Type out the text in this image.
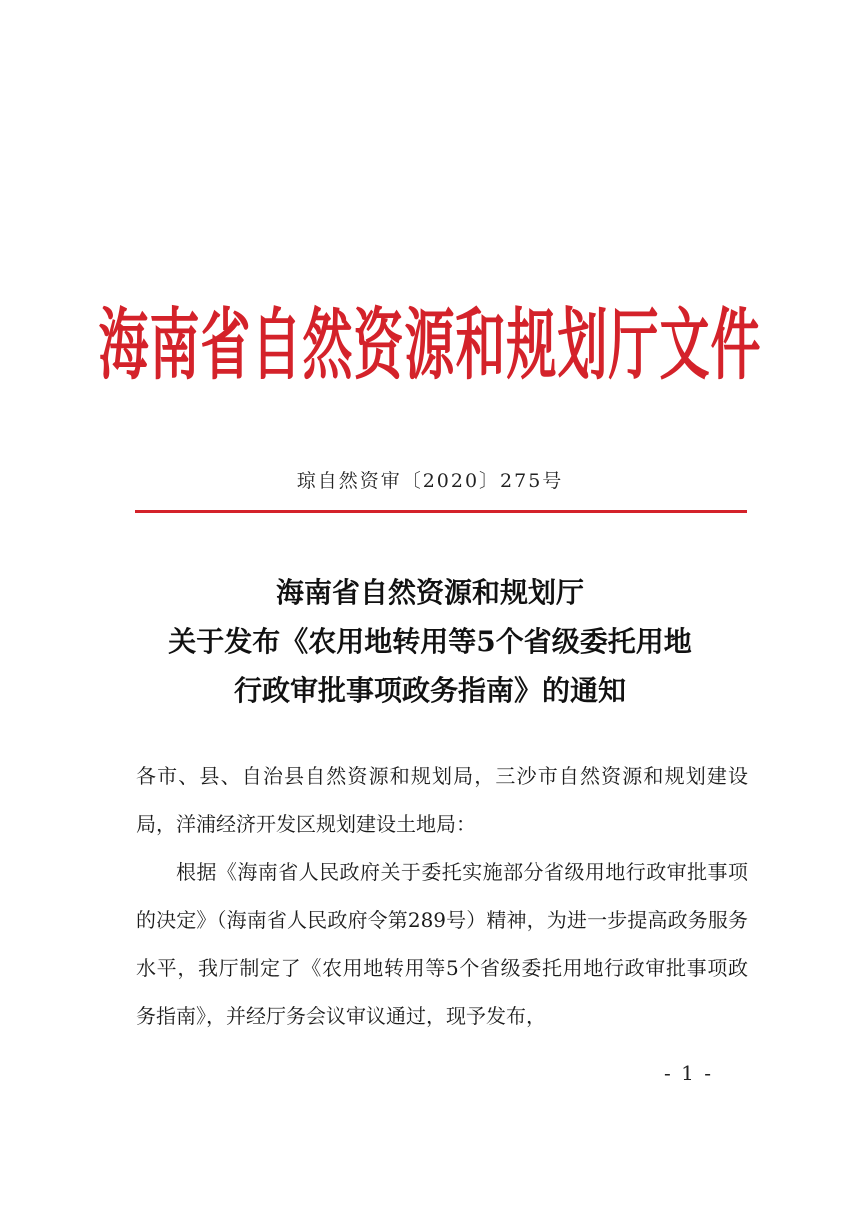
海南省自然资源和规划厅文件
琼自然资审〔2020〕275号
海南省自然资源和规划厅
关于发布《农用地转用等5个省级委托用地
行政审批事项政务指南》的通知

各市、县、自治县自然资源和规划局，三沙市自然资源和规划建设局，洋浦经济开发区规划建设土地局：

根据《海南省人民政府关于委托实施部分省级用地行政审批事项的决定》（海南省人民政府令第289号）精神，为进一步提高政务服务水平，我厅制定了《农用地转用等5个省级委托用地行政审批事项政务指南》，并经厅务会议审议通过，现予发布，

- 1 -
